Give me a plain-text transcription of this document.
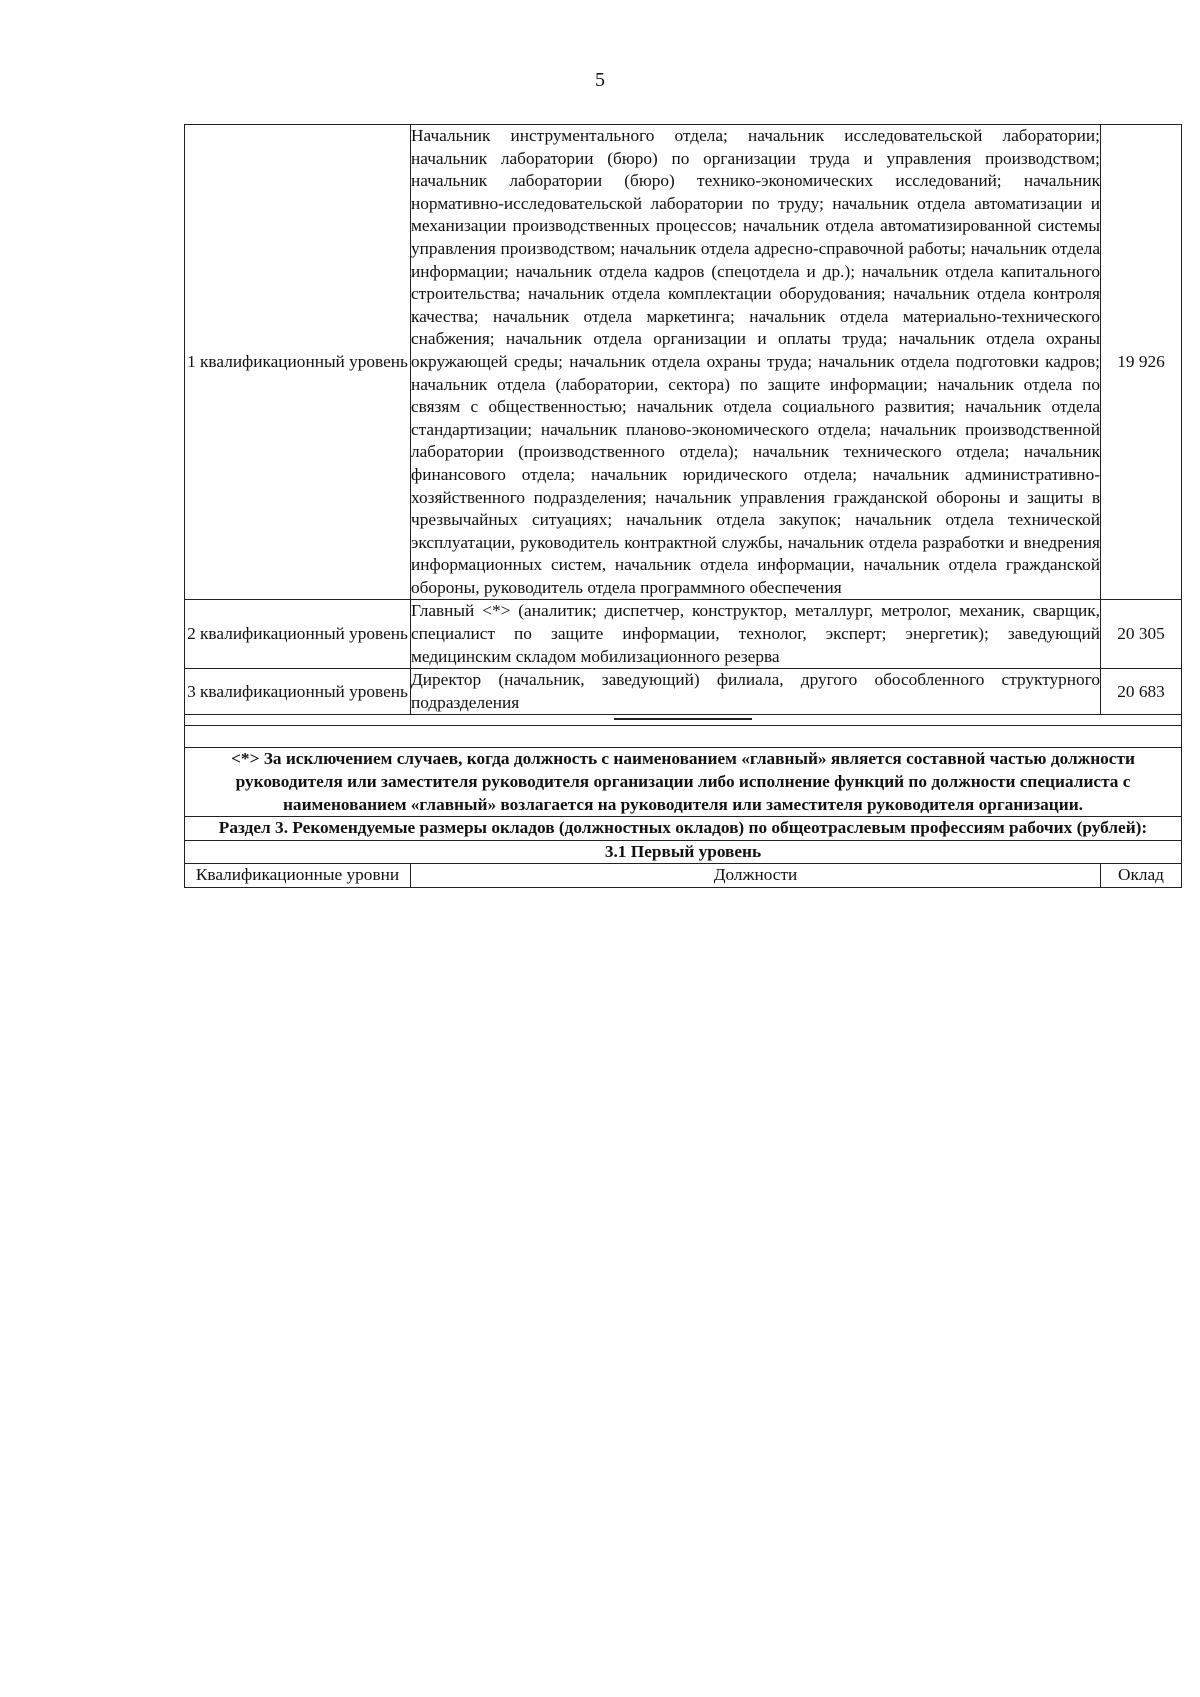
5
1 квалификационный уровень	Начальник инструментального отдела; начальник исследовательской лаборатории; начальник лаборатории (бюро) по организации труда и управления производством; начальник лаборатории (бюро) технико-экономических исследований; начальник нормативно-исследовательской лаборатории по труду; начальник отдела автоматизации и механизации производственных процессов; начальник отдела автоматизированной системы управления производством; начальник отдела адресно-справочной работы; начальник отдела информации; начальник отдела кадров (спецотдела и др.); начальник отдела капитального строительства; начальник отдела комплектации оборудования; начальник отдела контроля качества; начальник отдела маркетинга; начальник отдела материально-технического снабжения; начальник отдела организации и оплаты труда; начальник отдела охраны окружающей среды; начальник отдела охраны труда; начальник отдела подготовки кадров; начальник отдела (лаборатории, сектора) по защите информации; начальник отдела по связям с общественностью; начальник отдела социального развития; начальник отдела стандартизации; начальник планово-экономического отдела; начальник производственной лаборатории (производственного отдела); начальник технического отдела; начальник финансового отдела; начальник юридического отдела; начальник административно-хозяйственного подразделения; начальник управления гражданской обороны и защиты в чрезвычайных ситуациях; начальник отдела закупок; начальник отдела технической эксплуатации, руководитель контрактной службы, начальник отдела разработки и внедрения информационных систем, начальник отдела информации, начальник отдела гражданской обороны, руководитель отдела программного обеспечения	19 926
2 квалификационный уровень	Главный <*> (аналитик; диспетчер, конструктор, металлург, метролог, механик, сварщик, специалист по защите информации, технолог, эксперт; энергетик); заведующий медицинским складом мобилизационного резерва	20 305
3 квалификационный уровень	Директор (начальник, заведующий) филиала, другого обособленного структурного подразделения	20 683

<*> За исключением случаев, когда должность с наименованием «главный» является составной частью должности руководителя или заместителя руководителя организации либо исполнение функций по должности специалиста с наименованием «главный» возлагается на руководителя или заместителя руководителя организации.		
Раздел 3. Рекомендуемые размеры окладов (должностных окладов) по общеотраслевым профессиям рабочих (рублей):		
3.1 Первый уровень		
Квалификационные уровни	Должности	Оклад
